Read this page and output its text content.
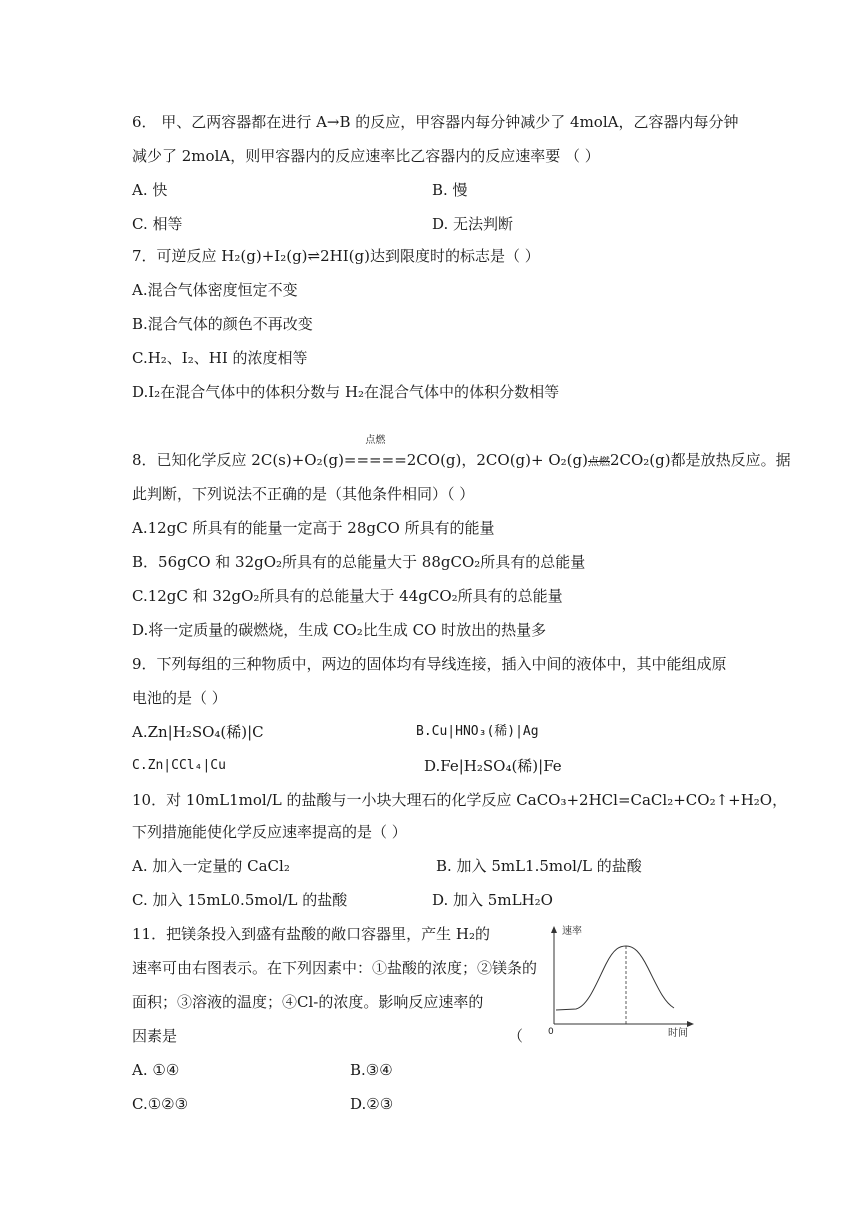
6． 甲、乙两容器都在进行 A→B 的反应，甲容器内每分钟减少了 4molA，乙容器内每分钟
减少了 2molA，则甲容器内的反应速率比乙容器内的反应速率要 （ ）
A. 快	B. 慢
C. 相等	D. 无法判断
7．可逆反应 H₂(g)+I₂(g)⇌2HI(g)达到限度时的标志是（ ）
A.混合气体密度恒定不变
B.混合气体的颜色不再改变
C.H₂、I₂、HI 的浓度相等
D.I₂在混合气体中的体积分数与 H₂在混合气体中的体积分数相等
8．已知化学反应 2C(s)+O₂(g)
点燃
=====2CO(g)，2CO(g)+ O₂(g)点燃2CO₂(g)都是放热反应。据
此判断，下列说法不正确的是（其他条件相同）（ ）
A.12gC 所具有的能量一定高于 28gCO 所具有的能量
B．56gCO 和 32gO₂所具有的总能量大于 88gCO₂所具有的总能量
C.12gC 和 32gO₂所具有的总能量大于 44gCO₂所具有的总能量
D.将一定质量的碳燃烧，生成 CO₂比生成 CO 时放出的热量多
9．下列每组的三种物质中，两边的固体均有导线连接，插入中间的液体中，其中能组成原
电池的是（ ）
A.Zn|H₂SO₄(稀)|C	B.Cu|HNO₃(稀)|Ag
C.Zn|CCl₄|Cu	D.Fe|H₂SO₄(稀)|Fe
10．对 10mL1mol/L 的盐酸与一小块大理石的化学反应 CaCO₃+2HCl=CaCl₂+CO₂↑+H₂O，
下列措施能使化学反应速率提高的是（ ）
A. 加入一定量的 CaCl₂	B. 加入 5mL1.5mol/L 的盐酸
C. 加入 15mL0.5mol/L 的盐酸	D. 加入 5mLH₂O
11．把镁条投入到盛有盐酸的敞口容器里，产生 H₂的
速率可由右图表示。在下列因素中：①盐酸的浓度；②镁条的
面积；③溶液的温度；④Cl-的浓度。影响反应速率的
因素是	（
A. ①④	B.③④
C.①②③	D.②③
速率
时间
0
